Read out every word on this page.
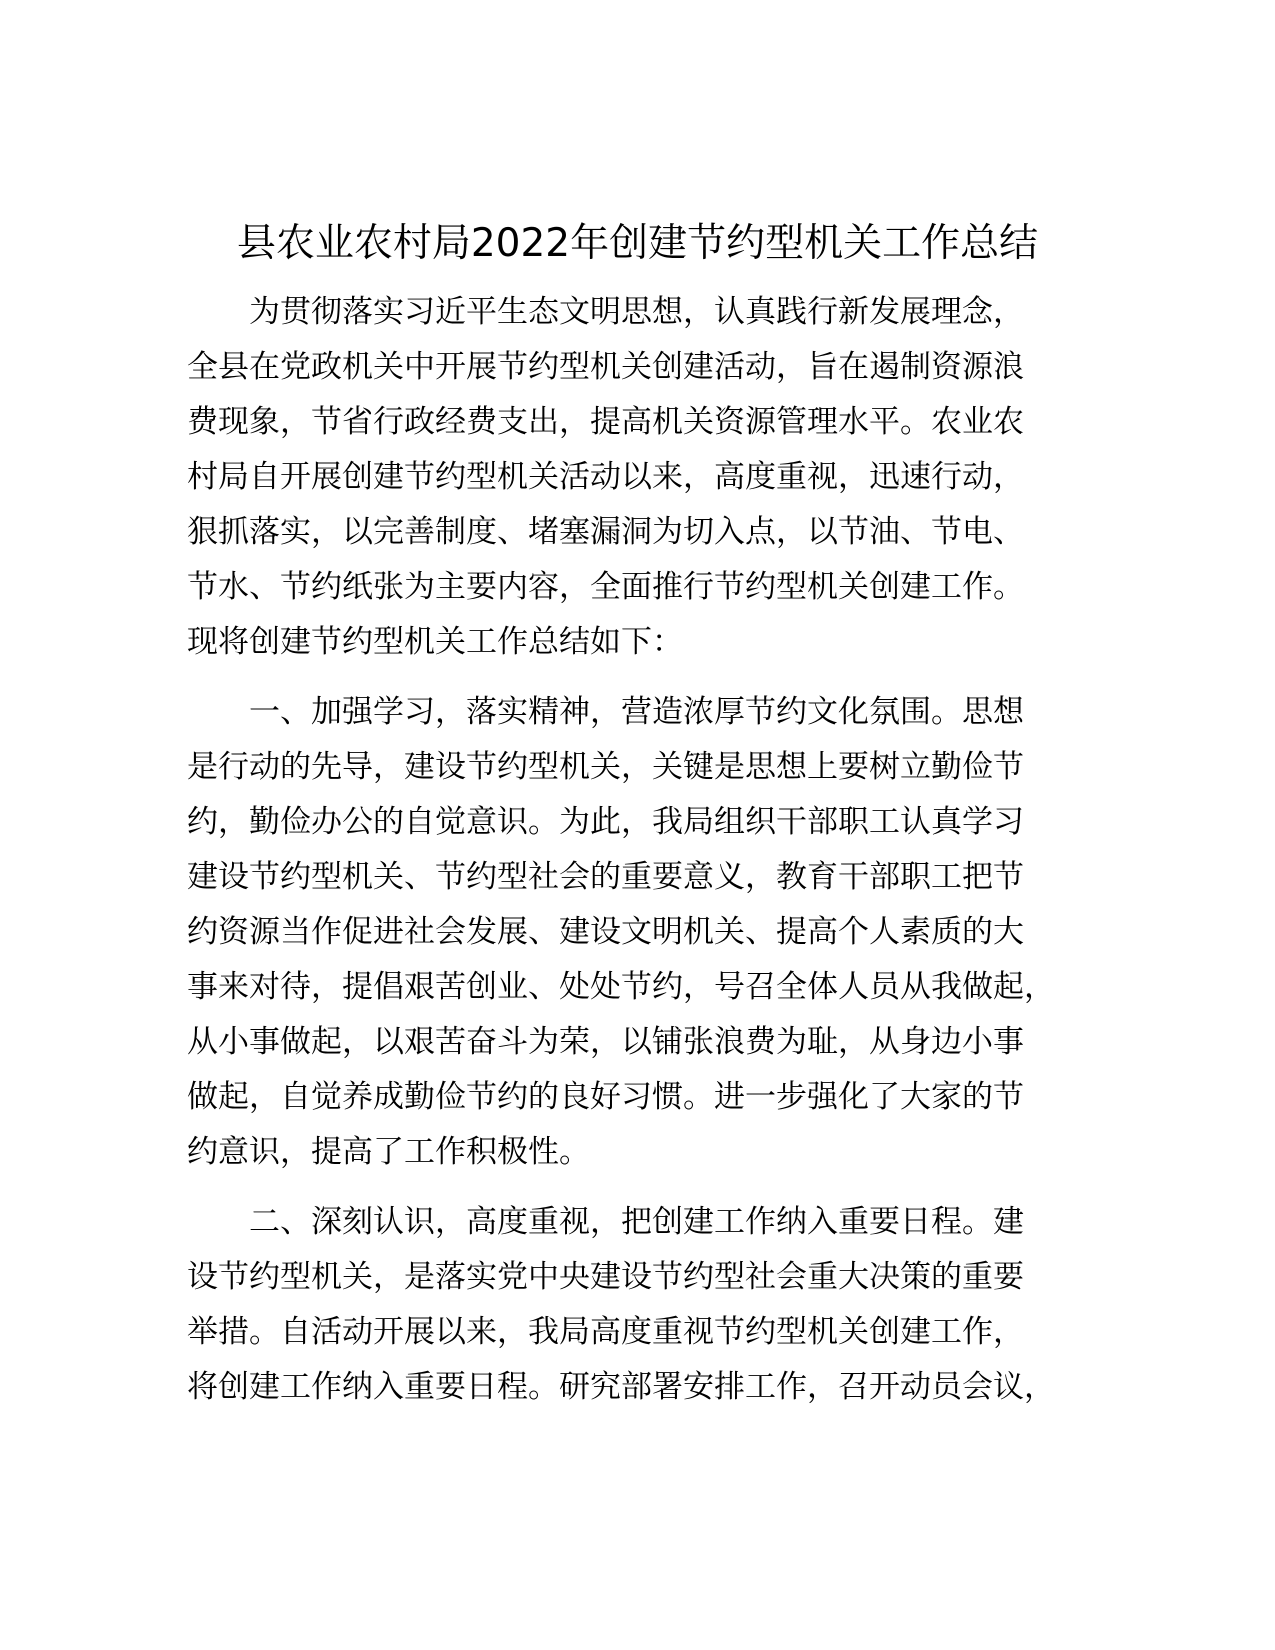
县农业农村局2022年创建节约型机关工作总结
为贯彻落实习近平生态文明思想，认真践行新发展理念，
全县在党政机关中开展节约型机关创建活动，旨在遏制资源浪
费现象，节省行政经费支出，提高机关资源管理水平。农业农
村局自开展创建节约型机关活动以来，高度重视，迅速行动，
狠抓落实，以完善制度、堵塞漏洞为切入点，以节油、节电、
节水、节约纸张为主要内容，全面推行节约型机关创建工作。
现将创建节约型机关工作总结如下：
一、加强学习，落实精神，营造浓厚节约文化氛围。思想
是行动的先导，建设节约型机关，关键是思想上要树立勤俭节
约，勤俭办公的自觉意识。为此，我局组织干部职工认真学习
建设节约型机关、节约型社会的重要意义，教育干部职工把节
约资源当作促进社会发展、建设文明机关、提高个人素质的大
事来对待，提倡艰苦创业、处处节约，号召全体人员从我做起，
从小事做起，以艰苦奋斗为荣，以铺张浪费为耻，从身边小事
做起，自觉养成勤俭节约的良好习惯。进一步强化了大家的节
约意识，提高了工作积极性。
二、深刻认识，高度重视，把创建工作纳入重要日程。建
设节约型机关，是落实党中央建设节约型社会重大决策的重要
举措。自活动开展以来，我局高度重视节约型机关创建工作，
将创建工作纳入重要日程。研究部署安排工作，召开动员会议，
